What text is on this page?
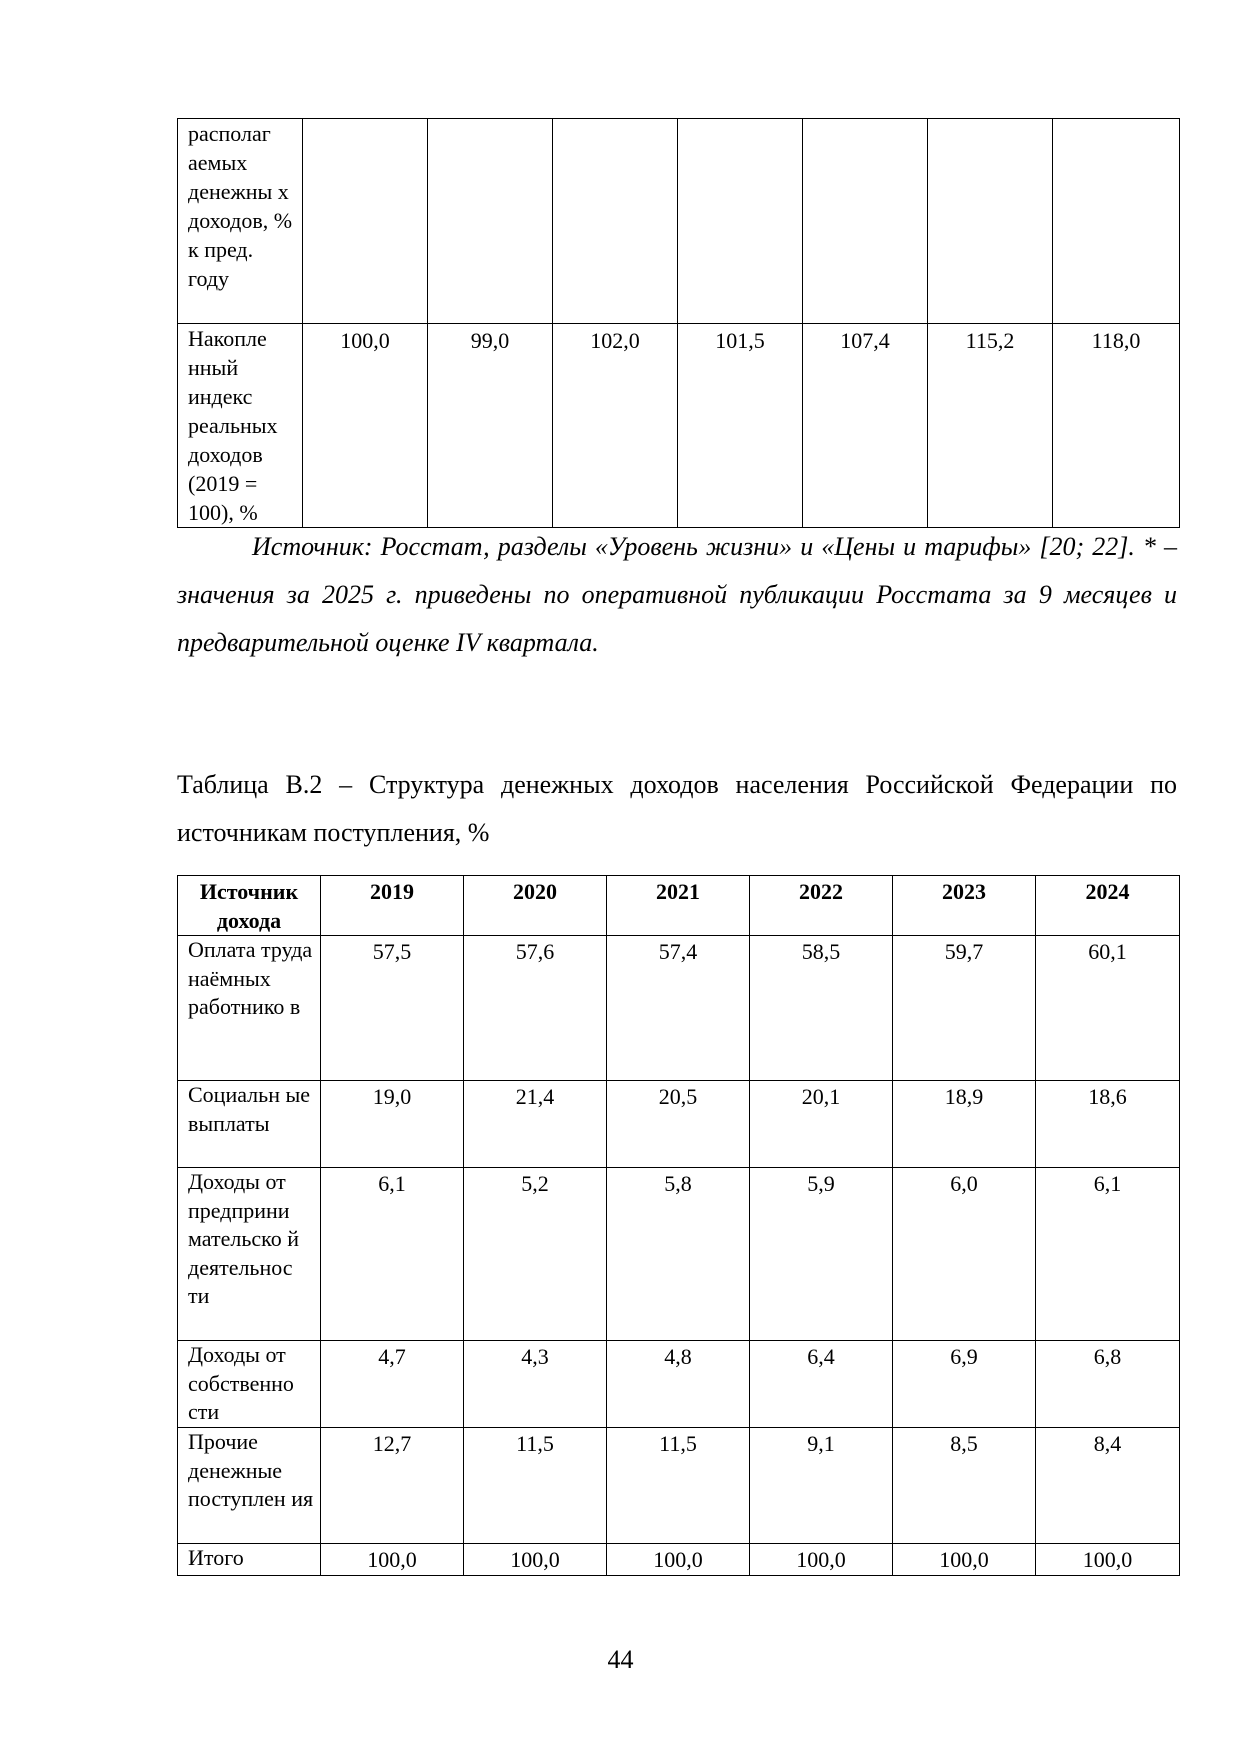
располаг аемых денежны х доходов, % к пред. году							
Накопле нный индекс реальных доходов (2019 = 100), %	100,0	99,0	102,0	101,5	107,4	115,2	118,0

Источник: Росстат, разделы «Уровень жизни» и «Цены и тарифы» [20; 22]. * – значения за 2025 г. приведены по оперативной публикации Росстата за 9 месяцев и предварительной оценке IV квартала.

Таблица В.2 – Структура денежных доходов населения Российской Федерации по источникам поступления, %

Источник дохода	2019	2020	2021	2022	2023	2024
Оплата труда наёмных работнико в	57,5	57,6	57,4	58,5	59,7	60,1
Социальн ые выплаты	19,0	21,4	20,5	20,1	18,9	18,6
Доходы от предприни мательско й деятельнос ти	6,1	5,2	5,8	5,9	6,0	6,1
Доходы от собственно сти	4,7	4,3	4,8	6,4	6,9	6,8
Прочие денежные поступлен ия	12,7	11,5	11,5	9,1	8,5	8,4
Итого	100,0	100,0	100,0	100,0	100,0	100,0
44
